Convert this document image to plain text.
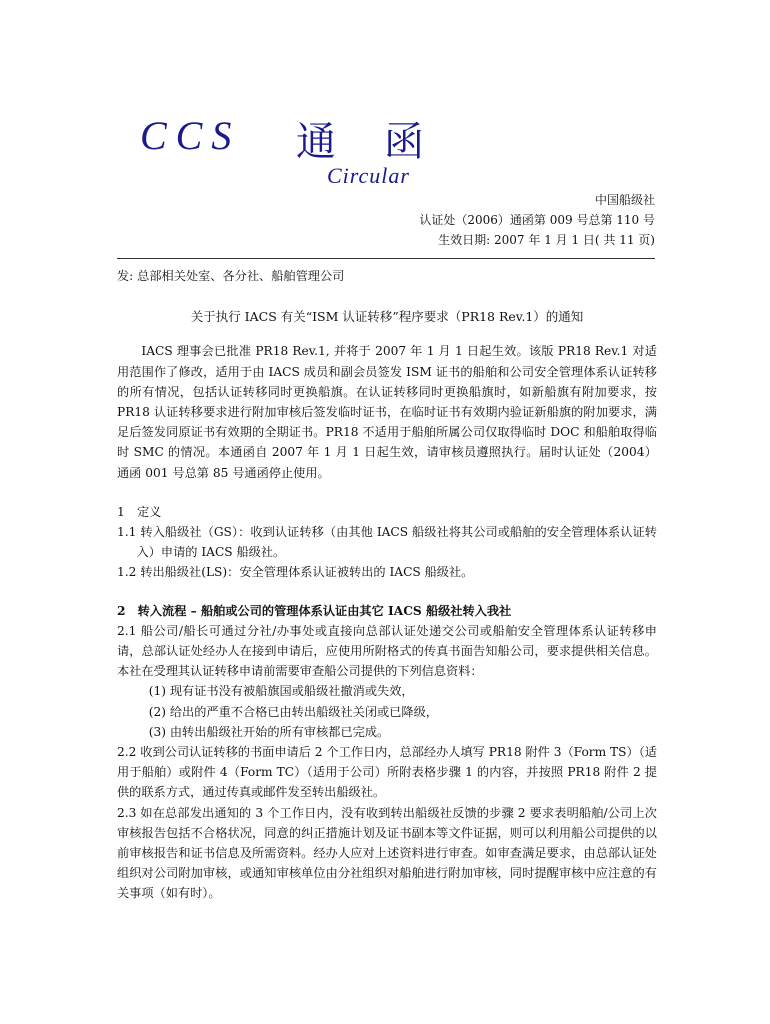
CCS 通函
Circular
中国船级社
认证处（2006）通函第 009 号总第 110 号
生效日期: 2007 年 1 月 1 日( 共 11 页)

发: 总部相关处室、各分社、船舶管理公司

关于执行 IACS 有关“ISM 认证转移”程序要求（PR18 Rev.1）的通知

IACS 理事会已批准 PR18 Rev.1, 并将于 2007 年 1 月 1 日起生效。该版 PR18 Rev.1 对适用范围作了修改，适用于由 IACS 成员和副会员签发 ISM 证书的船舶和公司安全管理体系认证转移的所有情况，包括认证转移同时更换船旗。在认证转移同时更换船旗时，如新船旗有附加要求，按 PR18 认证转移要求进行附加审核后签发临时证书，在临时证书有效期内验证新船旗的附加要求，满足后签发同原证书有效期的全期证书。PR18 不适用于船舶所属公司仅取得临时 DOC 和船舶取得临时 SMC 的情况。本通函自 2007 年 1 月 1 日起生效，请审核员遵照执行。届时认证处（2004）通函 001 号总第 85 号通函停止使用。

1　定义

1.1 转入船级社（GS）：收到认证转移（由其他 IACS 船级社将其公司或船舶的安全管理体系认证转入）申请的 IACS 船级社。

1.2 转出船级社(LS)：安全管理体系认证被转出的 IACS 船级社。

2　转入流程 – 船舶或公司的管理体系认证由其它 IACS 船级社转入我社

2.1 船公司/船长可通过分社/办事处或直接向总部认证处递交公司或船舶安全管理体系认证转移申请，总部认证处经办人在接到申请后，应使用所附格式的传真书面告知船公司，要求提供相关信息。本社在受理其认证转移申请前需要审查船公司提供的下列信息资料：

(1) 现有证书没有被船旗国或船级社撤消或失效，

(2) 给出的严重不合格已由转出船级社关闭或已降级，

(3) 由转出船级社开始的所有审核都已完成。

2.2 收到公司认证转移的书面申请后 2 个工作日内，总部经办人填写 PR18 附件 3（Form TS）（适用于船舶）或附件 4（Form TC）（适用于公司）所附表格步骤 1 的内容，并按照 PR18 附件 2 提供的联系方式，通过传真或邮件发至转出船级社。

2.3 如在总部发出通知的 3 个工作日内，没有收到转出船级社反馈的步骤 2 要求表明船舶/公司上次审核报告包括不合格状况，同意的纠正措施计划及证书副本等文件证据，则可以利用船公司提供的以前审核报告和证书信息及所需资料。经办人应对上述资料进行审查。如审查满足要求，由总部认证处组织对公司附加审核，或通知审核单位由分社组织对船舶进行附加审核，同时提醒审核中应注意的有关事项（如有时）。
